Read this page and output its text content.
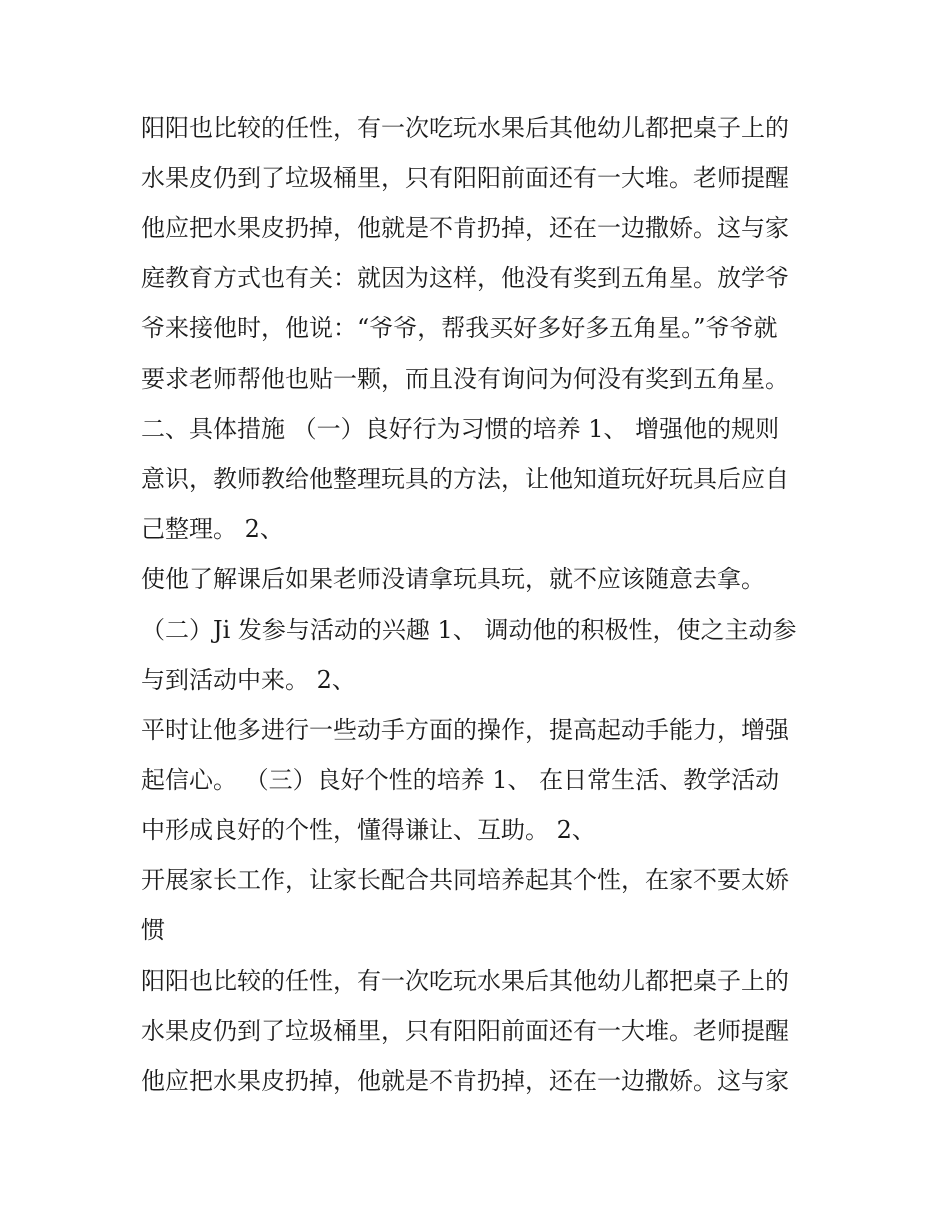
阳阳也比较的任性，有一次吃玩水果后其他幼儿都把桌子上的
水果皮仍到了垃圾桶里，只有阳阳前面还有一大堆。老师提醒
他应把水果皮扔掉，他就是不肯扔掉，还在一边撒娇。这与家
庭教育方式也有关：就因为这样，他没有奖到五角星。放学爷
爷来接他时，他说：“爷爷，帮我买好多好多五角星。”爷爷就
要求老师帮他也贴一颗，而且没有询问为何没有奖到五角星。
二、具体措施 （一）良好行为习惯的培养 1、 增强他的规则
意识，教师教给他整理玩具的方法，让他知道玩好玩具后应自
己整理。 2、
使他了解课后如果老师没请拿玩具玩，就不应该随意去拿。
（二）Ji 发参与活动的兴趣 1、 调动他的积极性，使之主动参
与到活动中来。 2、
平时让他多进行一些动手方面的操作，提高起动手能力，增强
起信心。 （三）良好个性的培养 1、 在日常生活、教学活动
中形成良好的个性，懂得谦让、互助。 2、
开展家长工作，让家长配合共同培养起其个性，在家不要太娇
惯
阳阳也比较的任性，有一次吃玩水果后其他幼儿都把桌子上的
水果皮仍到了垃圾桶里，只有阳阳前面还有一大堆。老师提醒
他应把水果皮扔掉，他就是不肯扔掉，还在一边撒娇。这与家
